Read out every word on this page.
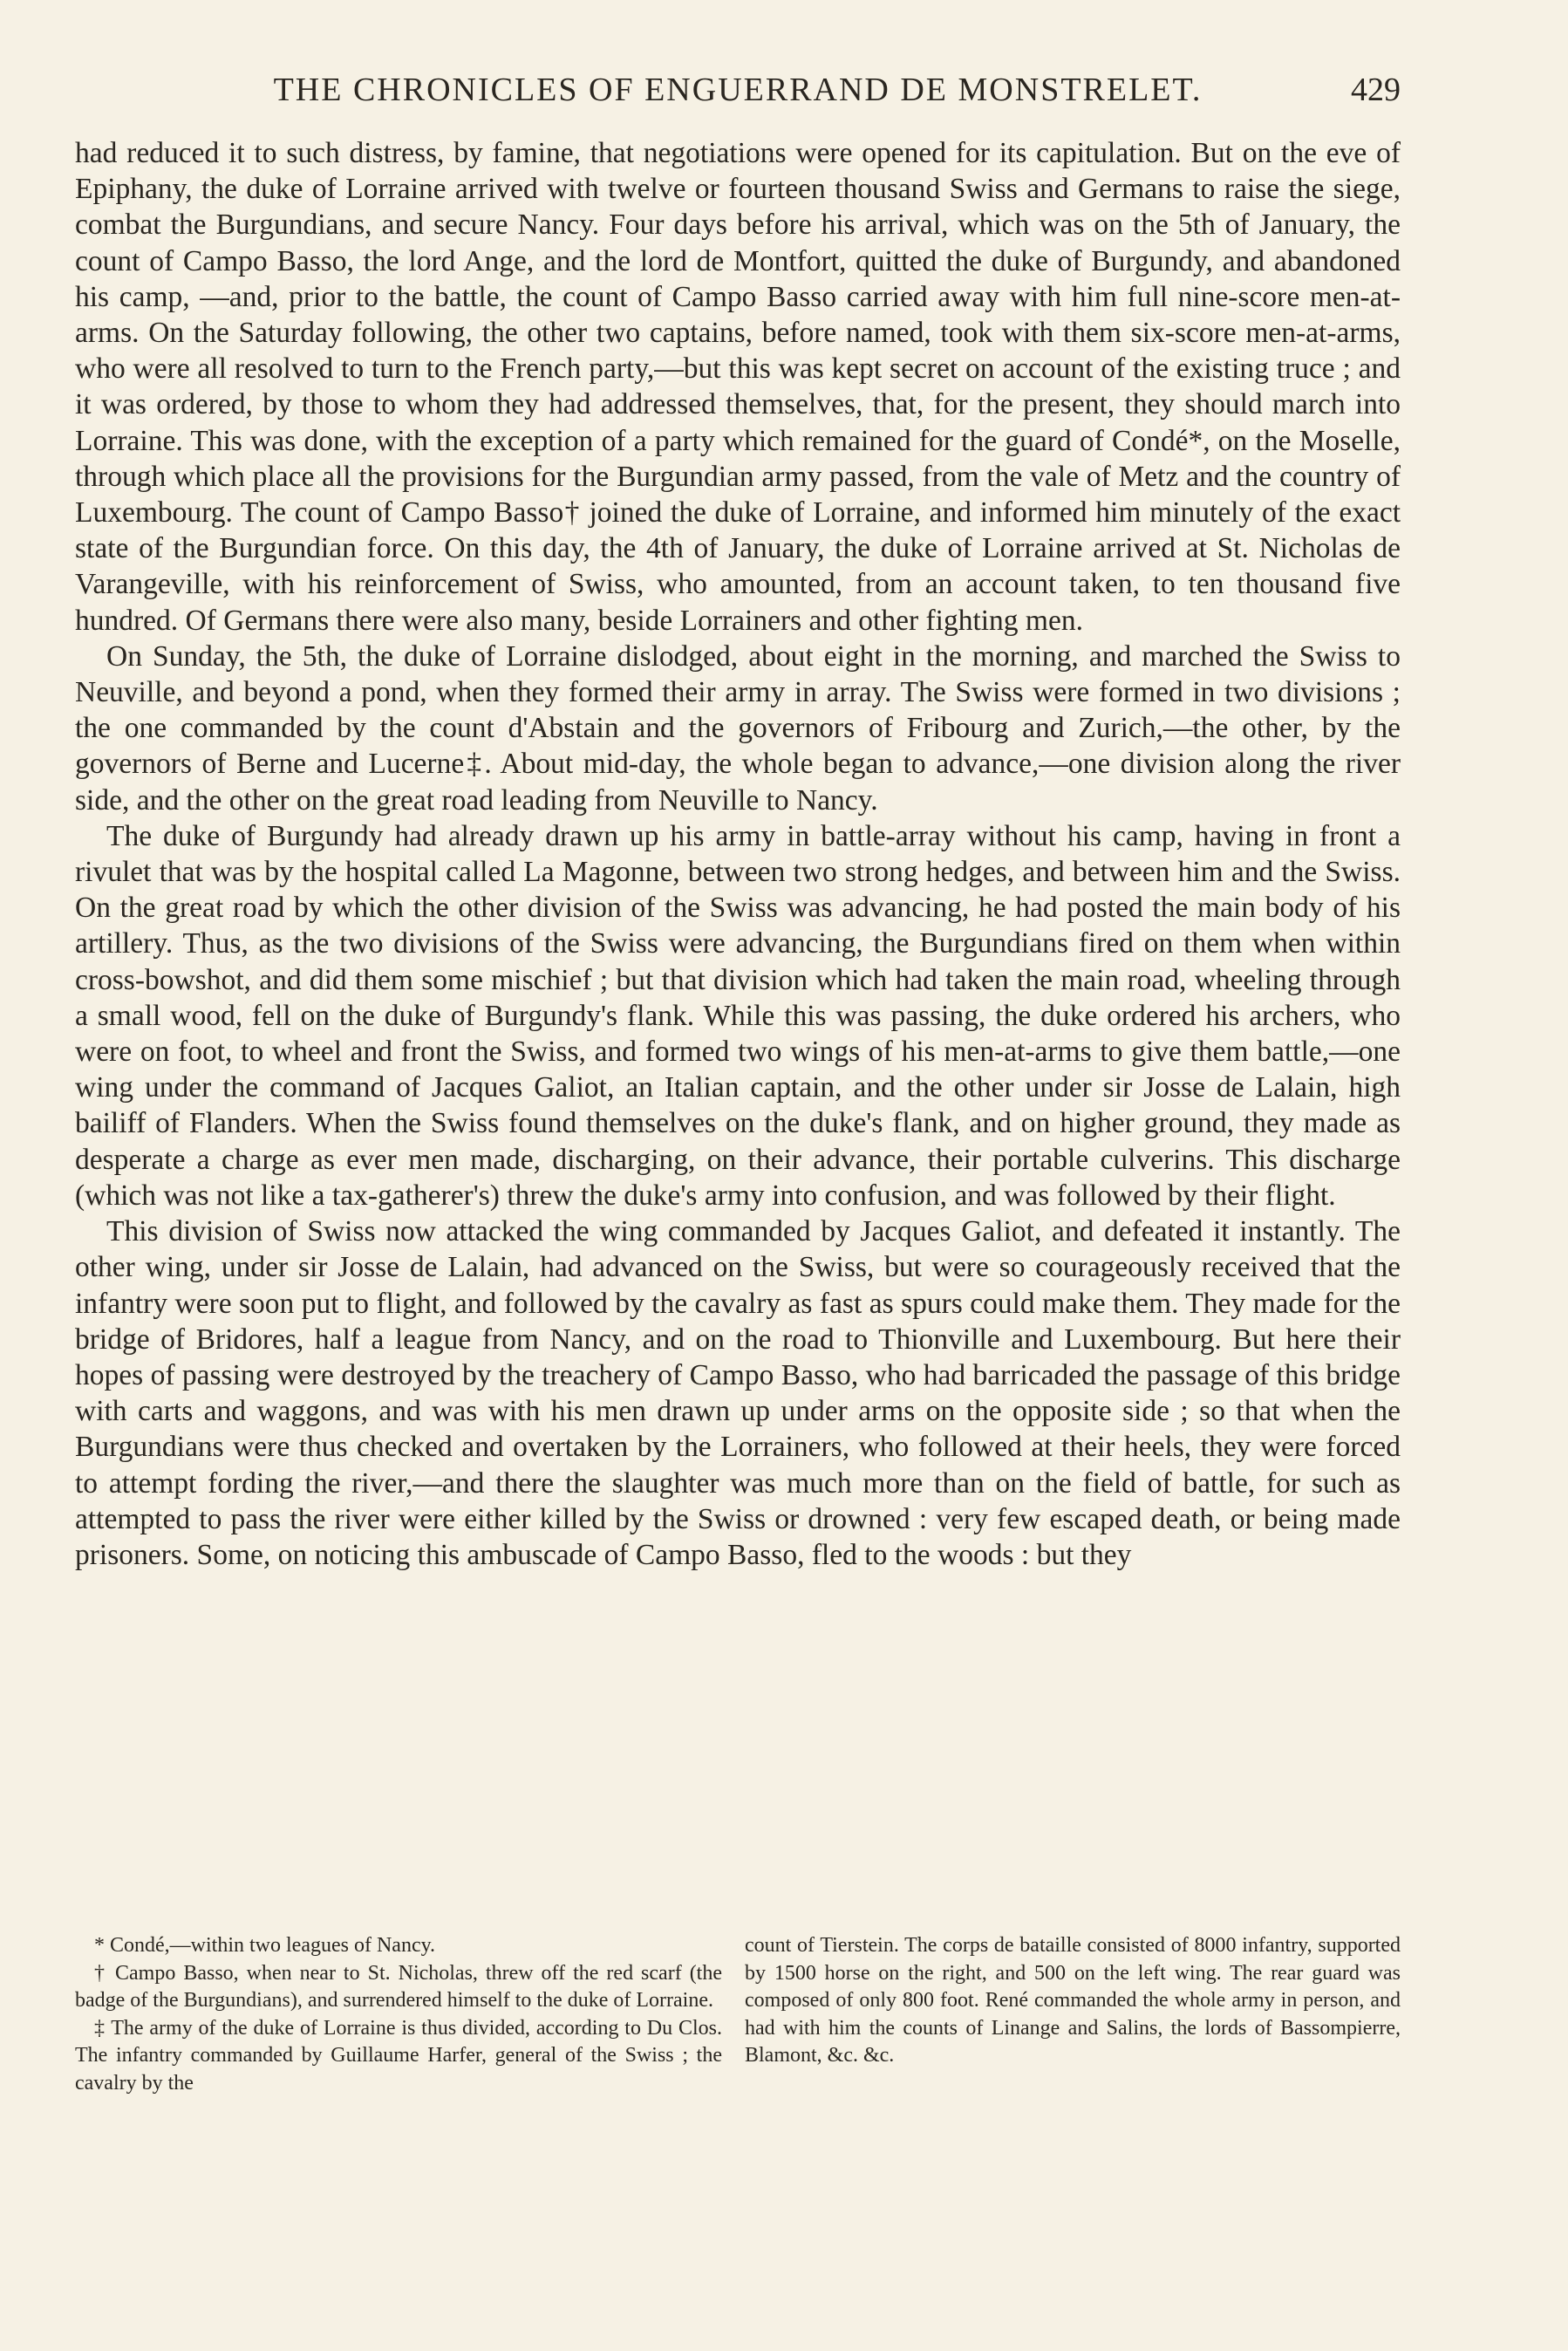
THE CHRONICLES OF ENGUERRAND DE MONSTRELET.	429

had reduced it to such distress, by famine, that negotiations were opened for its capitulation. But on the eve of Epiphany, the duke of Lorraine arrived with twelve or fourteen thousand Swiss and Germans to raise the siege, combat the Burgundians, and secure Nancy. Four days before his arrival, which was on the 5th of January, the count of Campo Basso, the lord Ange, and the lord de Montfort, quitted the duke of Burgundy, and abandoned his camp, —and, prior to the battle, the count of Campo Basso carried away with him full nine-score men-at-arms. On the Saturday following, the other two captains, before named, took with them six-score men-at-arms, who were all resolved to turn to the French party,—but this was kept secret on account of the existing truce ; and it was ordered, by those to whom they had addressed themselves, that, for the present, they should march into Lorraine. This was done, with the exception of a party which remained for the guard of Condé*, on the Moselle, through which place all the provisions for the Burgundian army passed, from the vale of Metz and the country of Luxembourg. The count of Campo Basso† joined the duke of Lorraine, and informed him minutely of the exact state of the Burgundian force. On this day, the 4th of January, the duke of Lorraine arrived at St. Nicholas de Varangeville, with his reinforcement of Swiss, who amounted, from an account taken, to ten thousand five hundred. Of Germans there were also many, beside Lorrainers and other fighting men.

On Sunday, the 5th, the duke of Lorraine dislodged, about eight in the morning, and marched the Swiss to Neuville, and beyond a pond, when they formed their army in array. The Swiss were formed in two divisions ; the one commanded by the count d'Abstain and the governors of Fribourg and Zurich,—the other, by the governors of Berne and Lucerne‡. About mid-day, the whole began to advance,—one division along the river side, and the other on the great road leading from Neuville to Nancy.

The duke of Burgundy had already drawn up his army in battle-array without his camp, having in front a rivulet that was by the hospital called La Magonne, between two strong hedges, and between him and the Swiss. On the great road by which the other division of the Swiss was advancing, he had posted the main body of his artillery. Thus, as the two divisions of the Swiss were advancing, the Burgundians fired on them when within cross-bowshot, and did them some mischief ; but that division which had taken the main road, wheeling through a small wood, fell on the duke of Burgundy's flank. While this was passing, the duke ordered his archers, who were on foot, to wheel and front the Swiss, and formed two wings of his men-at-arms to give them battle,—one wing under the command of Jacques Galiot, an Italian captain, and the other under sir Josse de Lalain, high bailiff of Flanders. When the Swiss found themselves on the duke's flank, and on higher ground, they made as desperate a charge as ever men made, discharging, on their advance, their portable culverins. This discharge (which was not like a tax-gatherer's) threw the duke's army into confusion, and was followed by their flight.

This division of Swiss now attacked the wing commanded by Jacques Galiot, and defeated it instantly. The other wing, under sir Josse de Lalain, had advanced on the Swiss, but were so courageously received that the infantry were soon put to flight, and followed by the cavalry as fast as spurs could make them. They made for the bridge of Bridores, half a league from Nancy, and on the road to Thionville and Luxembourg. But here their hopes of passing were destroyed by the treachery of Campo Basso, who had barricaded the passage of this bridge with carts and waggons, and was with his men drawn up under arms on the opposite side ; so that when the Burgundians were thus checked and overtaken by the Lorrainers, who followed at their heels, they were forced to attempt fording the river,—and there the slaughter was much more than on the field of battle, for such as attempted to pass the river were either killed by the Swiss or drowned : very few escaped death, or being made prisoners. Some, on noticing this ambuscade of Campo Basso, fled to the woods : but they

* Condé,—within two leagues of Nancy.

† Campo Basso, when near to St. Nicholas, threw off the red scarf (the badge of the Burgundians), and surrendered himself to the duke of Lorraine.

‡ The army of the duke of Lorraine is thus divided, according to Du Clos. The infantry commanded by Guillaume Harfer, general of the Swiss ; the cavalry by the

count of Tierstein. The corps de bataille consisted of 8000 infantry, supported by 1500 horse on the right, and 500 on the left wing. The rear guard was composed of only 800 foot. René commanded the whole army in person, and had with him the counts of Linange and Salins, the lords of Bassompierre, Blamont, &c. &c.
